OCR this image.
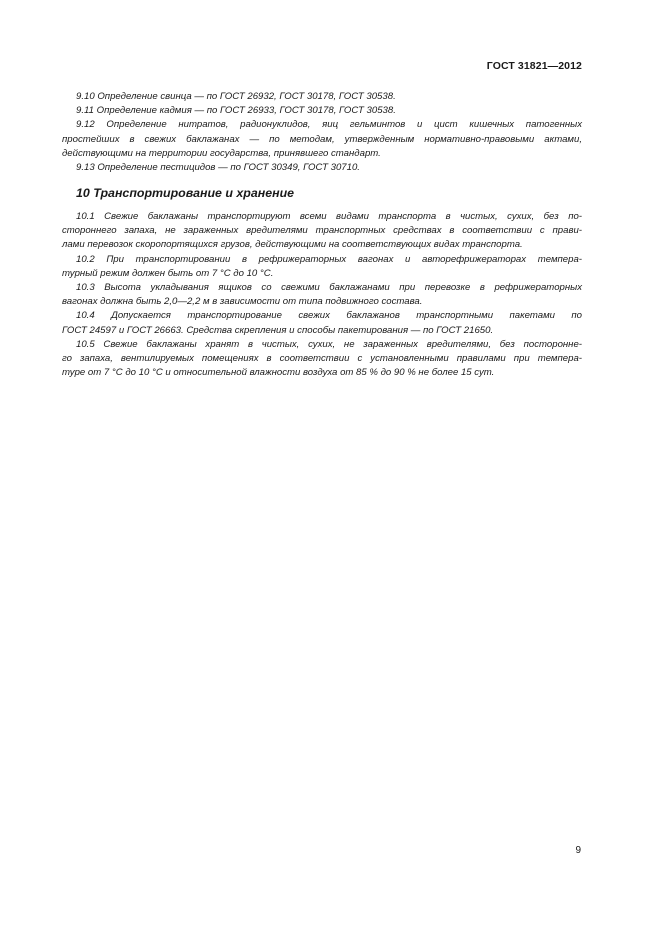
ГОСТ 31821—2012
9.10 Определение свинца — по ГОСТ 26932, ГОСТ 30178, ГОСТ 30538.
9.11 Определение кадмия — по ГОСТ 26933, ГОСТ 30178, ГОСТ 30538.
9.12 Определение нитратов, радионуклидов, яиц гельминтов и цист кишечных патогенных
простейших в свежих баклажанах — по методам, утвержденным нормативно-правовыми актами,
действующими на территории государства, принявшего стандарт.
9.13 Определение пестицидов — по ГОСТ 30349, ГОСТ 30710.
10 Транспортирование и хранение
10.1 Свежие баклажаны транспортируют всеми видами транспорта в чистых, сухих, без по-
стороннего запаха, не зараженных вредителями транспортных средствах в соответствии с прави-
лами перевозок скоропортящихся грузов, действующими на соответствующих видах транспорта.
10.2 При транспортировании в рефрижераторных вагонах и авторефрижераторах темпера-
турный режим должен быть от 7 °С до 10 °С.
10.3 Высота укладывания ящиков со свежими баклажанами при перевозке в рефрижераторных
вагонах должна быть 2,0—2,2 м в зависимости от типа подвижного состава.
10.4 Допускается транспортирование свежих баклажанов транспортными пакетами по
ГОСТ 24597 и ГОСТ 26663. Средства скрепления и способы пакетирования — по ГОСТ 21650.
10.5 Свежие баклажаны хранят в чистых, сухих, не зараженных вредителями, без посторонне-
го запаха, вентилируемых помещениях в соответствии с установленными правилами при темпера-
туре от 7 °С до 10 °С и относительной влажности воздуха от 85 % до 90 % не более 15 сут.
9
